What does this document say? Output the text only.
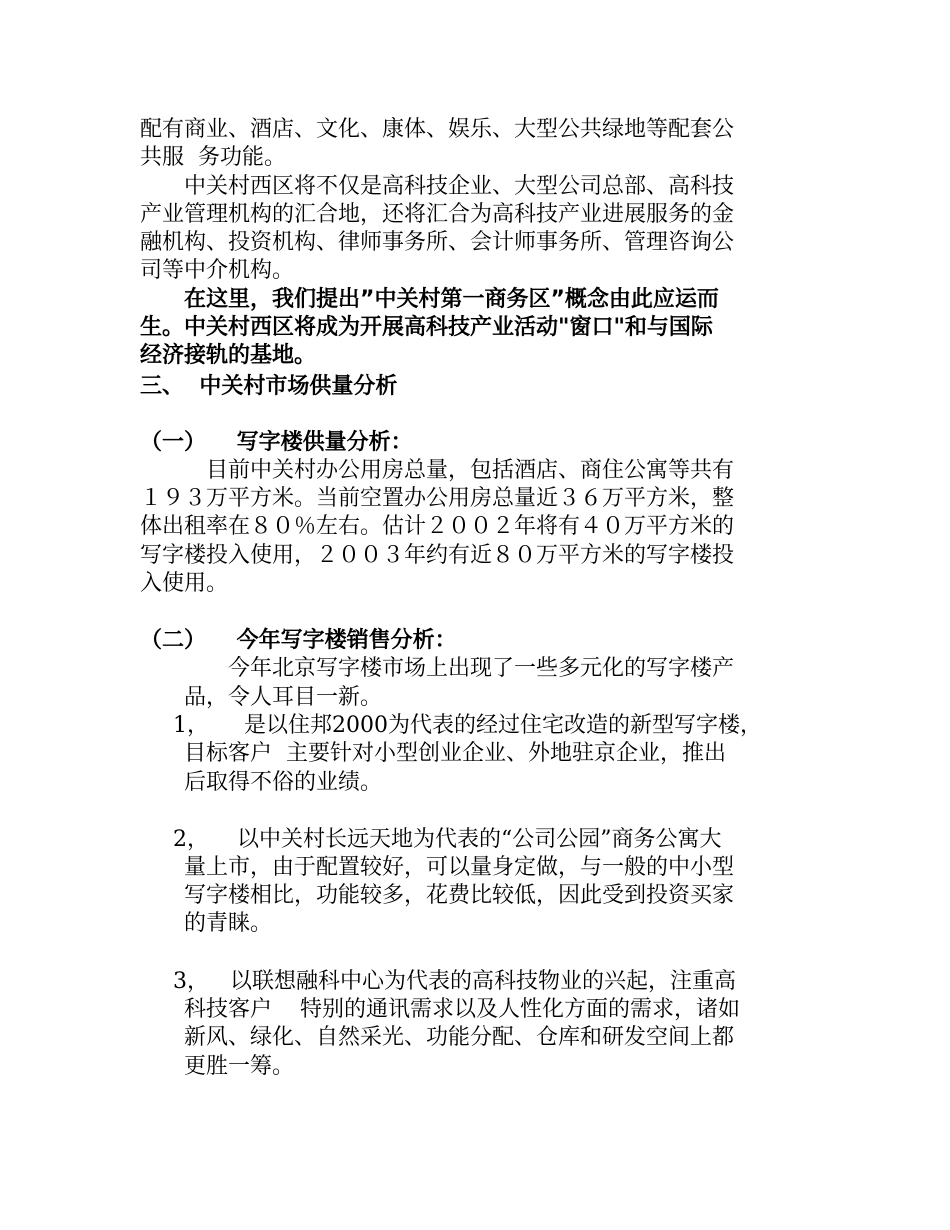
配有商业、酒店、文化、康体、娱乐、大型公共绿地等配套公
共服  务功能。
中关村西区将不仅是高科技企业、大型公司总部、高科技
产业管理机构的汇合地，还将汇合为高科技产业进展服务的金
融机构、投资机构、律师事务所、会计师事务所、管理咨询公
司等中介机构。
在这里，我们提出”中关村第一商务区”概念由此应运而
生。中关村西区将成为开展高科技产业活动"窗口"和与国际
经济接轨的基地。
三、  中关村市场供量分析
（一）    写字楼供量分析：
目前中关村办公用房总量，包括酒店、商住公寓等共有
１９３万平方米。当前空置办公用房总量近３６万平方米，整
体出租率在８０％左右。估计２００２年将有４０万平方米的
写字楼投入使用，２００３年约有近８０万平方米的写字楼投
入使用。
（二）    今年写字楼销售分析：
今年北京写字楼市场上出现了一些多元化的写字楼产
品，令人耳目一新。
1，     是以住邦2000为代表的经过住宅改造的新型写字楼，
目标客户  主要针对小型创业企业、外地驻京企业，推出
后取得不俗的业绩。
2，    以中关村长远天地为代表的“公司公园”商务公寓大
量上市，由于配置较好，可以量身定做，与一般的中小型
写字楼相比，功能较多，花费比较低，因此受到投资买家
的青睐。
3，   以联想融科中心为代表的高科技物业的兴起，注重高
科技客户    特别的通讯需求以及人性化方面的需求，诸如
新风、绿化、自然采光、功能分配、仓库和研发空间上都
更胜一筹。
